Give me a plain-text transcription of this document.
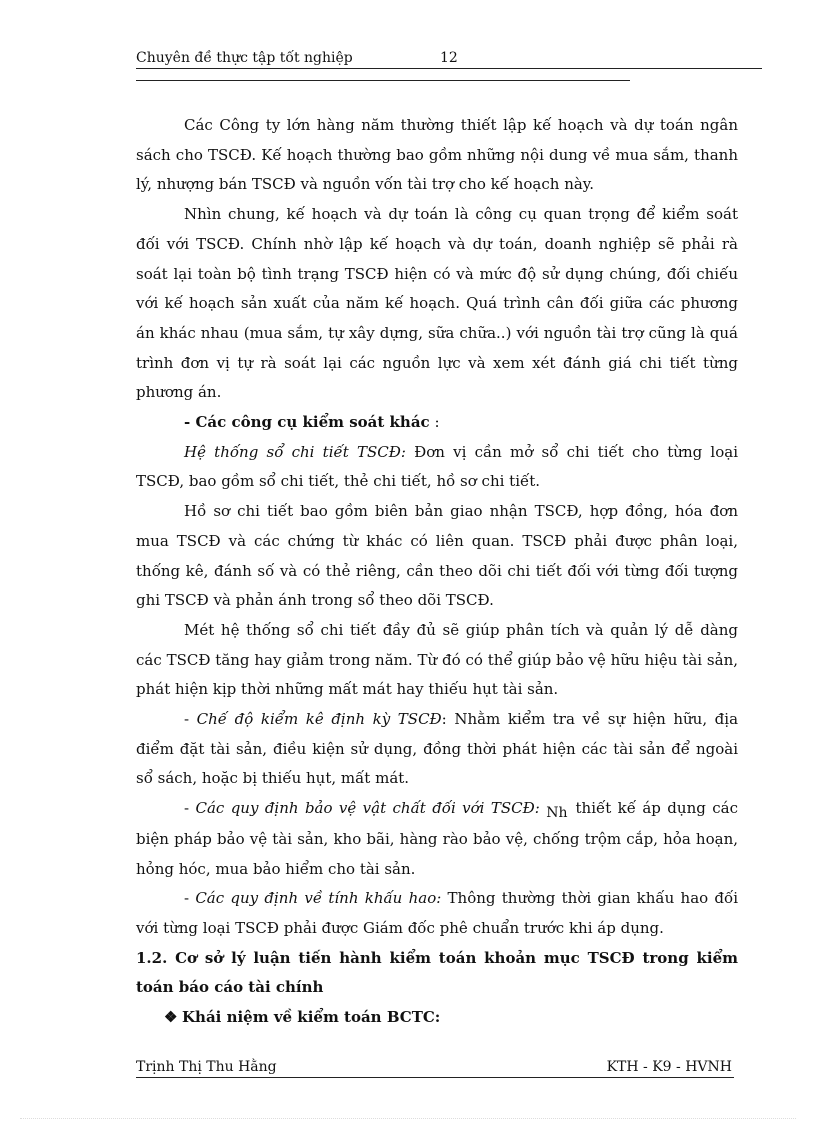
Chuyên đề thực tập tốt nghiệp	12

Các Công ty lớn hàng năm thường thiết lập kế hoạch và dự toán ngân sách cho TSCĐ. Kế hoạch thường bao gồm những nội dung về mua sắm, thanh lý, nhượng bán TSCĐ và nguồn vốn tài trợ cho kế hoạch này.

Nhìn chung, kế hoạch và dự toán là công cụ quan trọng để kiểm soát đối với TSCĐ. Chính nhờ lập kế hoạch và dự toán, doanh nghiệp sẽ phải rà soát lại toàn bộ tình trạng TSCĐ hiện có và mức độ sử dụng chúng, đối chiếu với kế hoạch sản xuất của năm kế hoạch. Quá trình cân đối giữa các phương án khác nhau (mua sắm, tự xây dựng, sữa chữa..) với nguồn tài trợ cũng là quá trình đơn vị tự rà soát lại các nguồn lực và xem xét đánh giá chi tiết từng phương án.

- Các công cụ kiểm soát khác :

Hệ thống sổ chi tiết TSCĐ: Đơn vị cần mở sổ chi tiết cho từng loại TSCĐ, bao gồm sổ chi tiết, thẻ chi tiết, hồ sơ chi tiết.

Hồ sơ chi tiết bao gồm biên bản giao nhận TSCĐ, hợp đồng, hóa đơn mua TSCĐ và các chứng từ khác có liên quan. TSCĐ phải được phân loại, thống kê, đánh số và có thẻ riêng, cần theo dõi chi tiết đối với từng đối tượng ghi TSCĐ và phản ánh trong sổ theo dõi TSCĐ.

Mét hệ thống sổ chi tiết đầy đủ sẽ giúp phân tích và quản lý dễ dàng các TSCĐ tăng hay giảm trong năm. Từ đó có thể giúp bảo vệ hữu hiệu tài sản, phát hiện kịp thời những mất mát hay thiếu hụt tài sản.

- Chế độ kiểm kê định kỳ TSCĐ: Nhằm kiểm tra về sự hiện hữu, địa điểm đặt tài sản, điều kiện sử dụng, đồng thời phát hiện các tài sản để ngoài sổ sách, hoặc bị thiếu hụt, mất mát.

- Các quy định bảo vệ vật chất đối với TSCĐ: Nh thiết kế áp dụng các biện pháp bảo vệ tài sản, kho bãi, hàng rào bảo vệ, chống trộm cắp, hỏa hoạn, hỏng hóc, mua bảo hiểm cho tài sản.

- Các quy định về tính khấu hao: Thông thường thời gian khấu hao đối với từng loại TSCĐ phải được Giám đốc phê chuẩn trước khi áp dụng.

1.2. Cơ sở lý luận tiến hành kiểm toán khoản mục TSCĐ trong kiểm toán báo cáo tài chính

❖ Khái niệm về kiểm toán BCTC:

Trịnh Thị Thu Hằng	KTH - K9 - HVNH
